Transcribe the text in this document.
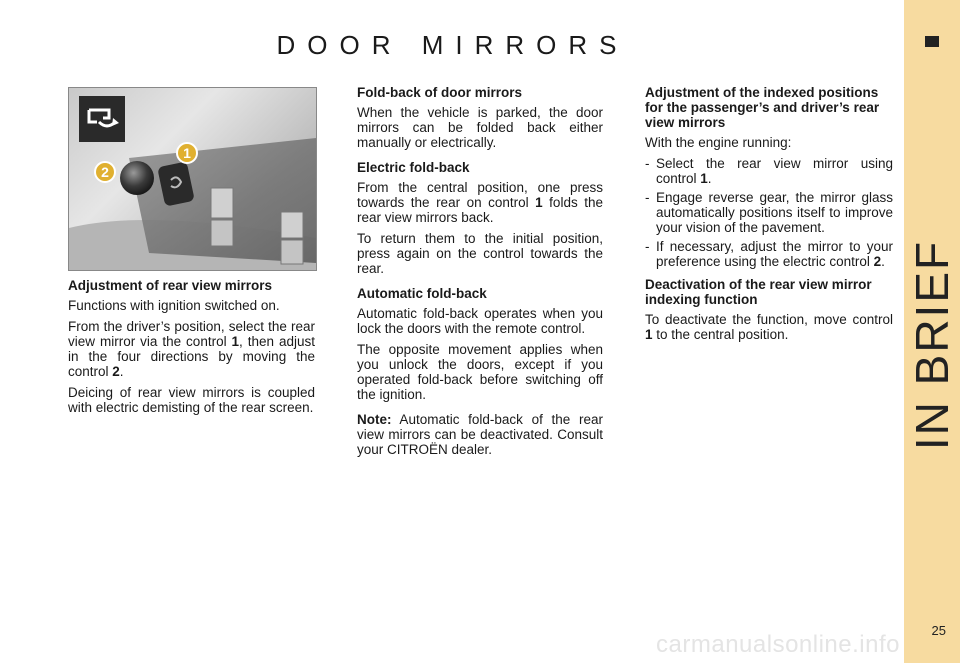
DOOR MIRRORS
IN BRIEF
25
1
2
Adjustment of rear view mirrors

Functions with ignition switched on.

From the driver’s position, select the rear view mirror via the control 1, then adjust in the four directions by moving the control 2.

Deicing of rear view mirrors is coupled with electric demisting of the rear screen.

Fold-back of door mirrors

When the vehicle is parked, the door mirrors can be folded back either manually or electrically.

Electric fold-back

From the central position, one press towards the rear on control 1 folds the rear view mirrors back.

To return them to the initial position, press again on the control towards the rear.

Automatic fold-back

Automatic fold-back operates when you lock the doors with the remote control.

The opposite movement applies when you unlock the doors, except if you operated fold-back before switching off the ignition.

Note: Automatic fold-back of the rear view mirrors can be deactivated. Consult your CITROËN dealer.

Adjustment of the indexed positions for the passenger’s and driver’s rear view mirrors

With the engine running:

- Select the rear view mirror using control 1.
- Engage reverse gear, the mirror glass automatically positions itself to improve your vision of the pavement.
- If necessary, adjust the mirror to your preference using the electric control 2.
Deactivation of the rear view mirror indexing function

To deactivate the function, move control 1 to the central position.

carmanualsonline.info
